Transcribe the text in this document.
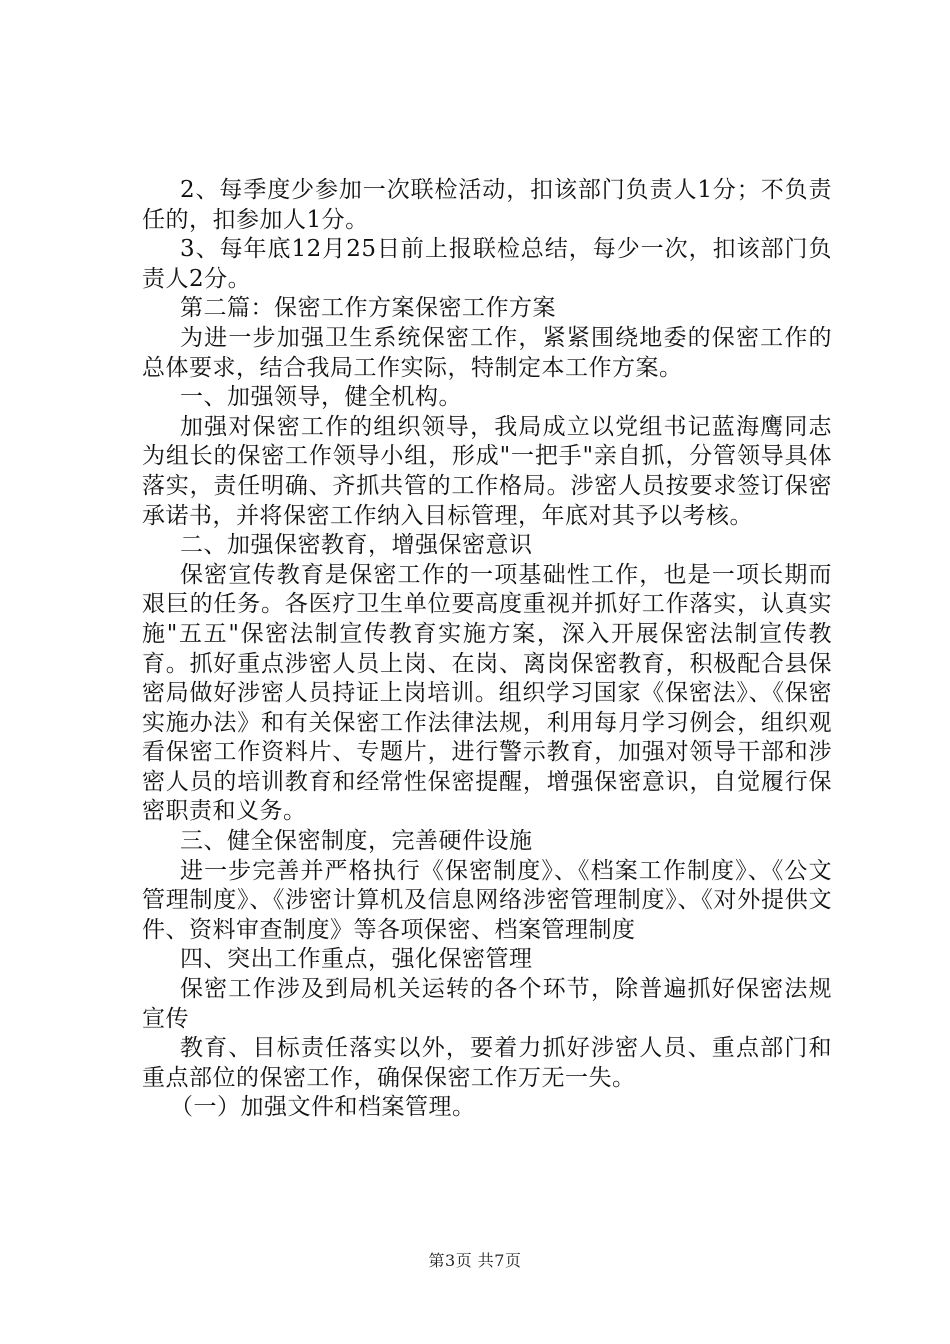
2、每季度少参加一次联检活动，扣该部门负责人1分；不负责任的，扣参加人1分。

3、每年底12月25日前上报联检总结，每少一次，扣该部门负责人2分。

第二篇：保密工作方案保密工作方案

为进一步加强卫生系统保密工作，紧紧围绕地委的保密工作的总体要求，结合我局工作实际，特制定本工作方案。

一、加强领导，健全机构。

加强对保密工作的组织领导，我局成立以党组书记蓝海鹰同志为组长的保密工作领导小组，形成"一把手"亲自抓，分管领导具体落实，责任明确、齐抓共管的工作格局。涉密人员按要求签订保密承诺书，并将保密工作纳入目标管理，年底对其予以考核。

二、加强保密教育，增强保密意识

保密宣传教育是保密工作的一项基础性工作，也是一项长期而艰巨的任务。各医疗卫生单位要高度重视并抓好工作落实，认真实施"五五"保密法制宣传教育实施方案，深入开展保密法制宣传教育。抓好重点涉密人员上岗、在岗、离岗保密教育，积极配合县保密局做好涉密人员持证上岗培训。组织学习国家《保密法》、《保密实施办法》和有关保密工作法律法规，利用每月学习例会，组织观看保密工作资料片、专题片，进行警示教育，加强对领导干部和涉密人员的培训教育和经常性保密提醒，增强保密意识，自觉履行保密职责和义务。

三、健全保密制度，完善硬件设施

进一步完善并严格执行《保密制度》、《档案工作制度》、《公文管理制度》、《涉密计算机及信息网络涉密管理制度》、《对外提供文件、资料审查制度》等各项保密、档案管理制度

四、突出工作重点，强化保密管理

保密工作涉及到局机关运转的各个环节，除普遍抓好保密法规宣传

教育、目标责任落实以外，要着力抓好涉密人员、重点部门和重点部位的保密工作，确保保密工作万无一失。

（一）加强文件和档案管理。

第3页 共7页
